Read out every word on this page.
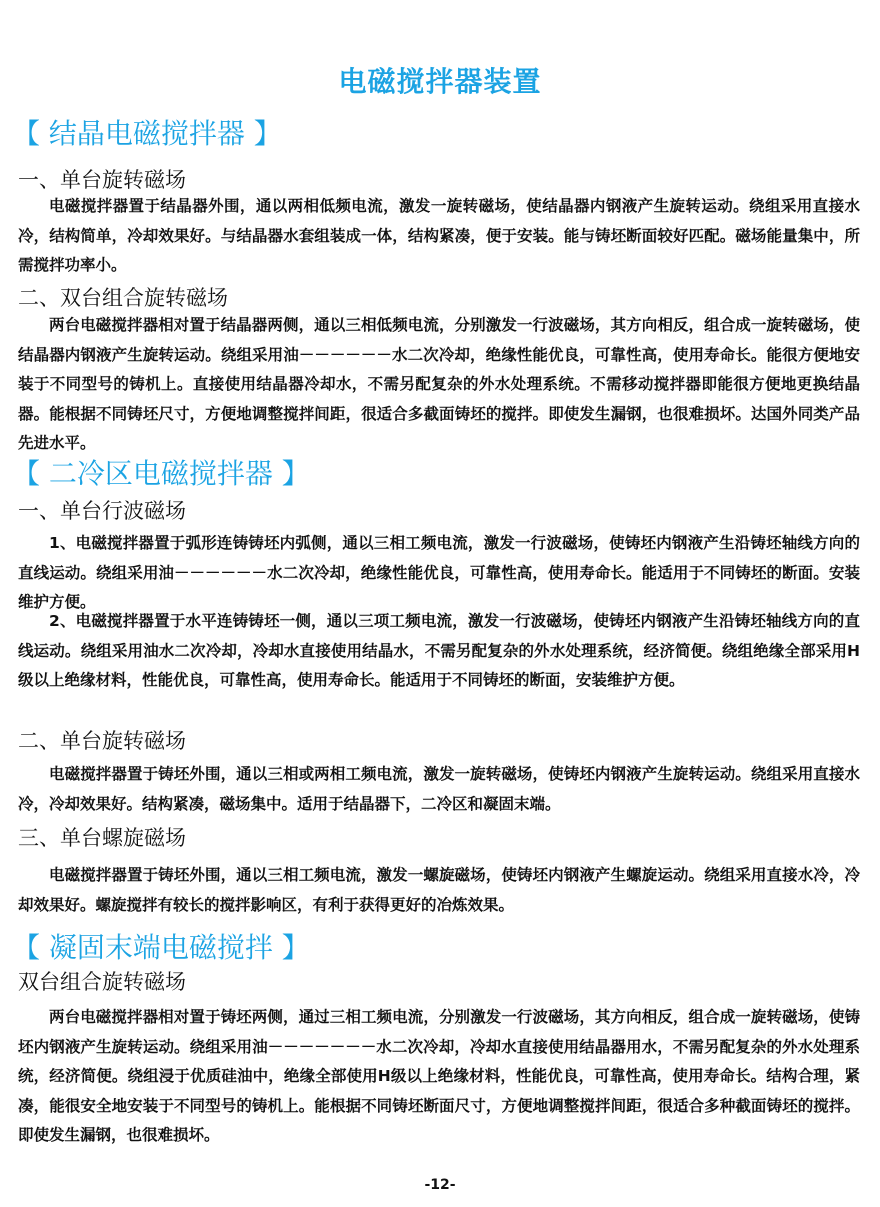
电磁搅拌器装置
【 结晶电磁搅拌器 】
一、单台旋转磁场

电磁搅拌器置于结晶器外围，通以两相低频电流，激发一旋转磁场，使结晶器内钢液产生旋转运动。绕组采用直接水冷，结构简单，冷却效果好。与结晶器水套组装成一体，结构紧凑，便于安装。能与铸坯断面较好匹配。磁场能量集中，所需搅拌功率小。

二、双台组合旋转磁场

两台电磁搅拌器相对置于结晶器两侧，通以三相低频电流，分别激发一行波磁场，其方向相反，组合成一旋转磁场，使结晶器内钢液产生旋转运动。绕组采用油－－－－－－水二次冷却，绝缘性能优良，可靠性高，使用寿命长。能很方便地安装于不同型号的铸机上。直接使用结晶器冷却水，不需另配复杂的外水处理系统。不需移动搅拌器即能很方便地更换结晶器。能根据不同铸坯尺寸，方便地调整搅拌间距，很适合多截面铸坯的搅拌。即使发生漏钢，也很难损坏。达国外同类产品先进水平。

【 二冷区电磁搅拌器 】
一、单台行波磁场

1、电磁搅拌器置于弧形连铸铸坯内弧侧，通以三相工频电流，激发一行波磁场，使铸坯内钢液产生沿铸坯轴线方向的直线运动。绕组采用油－－－－－－水二次冷却，绝缘性能优良，可靠性高，使用寿命长。能适用于不同铸坯的断面。安装维护方便。

2、电磁搅拌器置于水平连铸铸坯一侧，通以三项工频电流，激发一行波磁场，使铸坯内钢液产生沿铸坯轴线方向的直线运动。绕组采用油水二次冷却，冷却水直接使用结晶水，不需另配复杂的外水处理系统，经济简便。绕组绝缘全部采用H级以上绝缘材料，性能优良，可靠性高，使用寿命长。能适用于不同铸坯的断面，安装维护方便。

二、单台旋转磁场

电磁搅拌器置于铸坯外围，通以三相或两相工频电流，激发一旋转磁场，使铸坯内钢液产生旋转运动。绕组采用直接水冷，冷却效果好。结构紧凑，磁场集中。适用于结晶器下，二冷区和凝固末端。

三、单台螺旋磁场

电磁搅拌器置于铸坯外围，通以三相工频电流，激发一螺旋磁场，使铸坯内钢液产生螺旋运动。绕组采用直接水冷，冷却效果好。螺旋搅拌有较长的搅拌影响区，有利于获得更好的冶炼效果。

【 凝固末端电磁搅拌 】
双台组合旋转磁场

两台电磁搅拌器相对置于铸坯两侧，通过三相工频电流，分别激发一行波磁场，其方向相反，组合成一旋转磁场，使铸坯内钢液产生旋转运动。绕组采用油－－－－－－－水二次冷却，冷却水直接使用结晶器用水，不需另配复杂的外水处理系统，经济简便。绕组浸于优质硅油中，绝缘全部使用H级以上绝缘材料，性能优良，可靠性高，使用寿命长。结构合理，紧凑，能很安全地安装于不同型号的铸机上。能根据不同铸坯断面尺寸，方便地调整搅拌间距，很适合多种截面铸坯的搅拌。即使发生漏钢，也很难损坏。

-12-
